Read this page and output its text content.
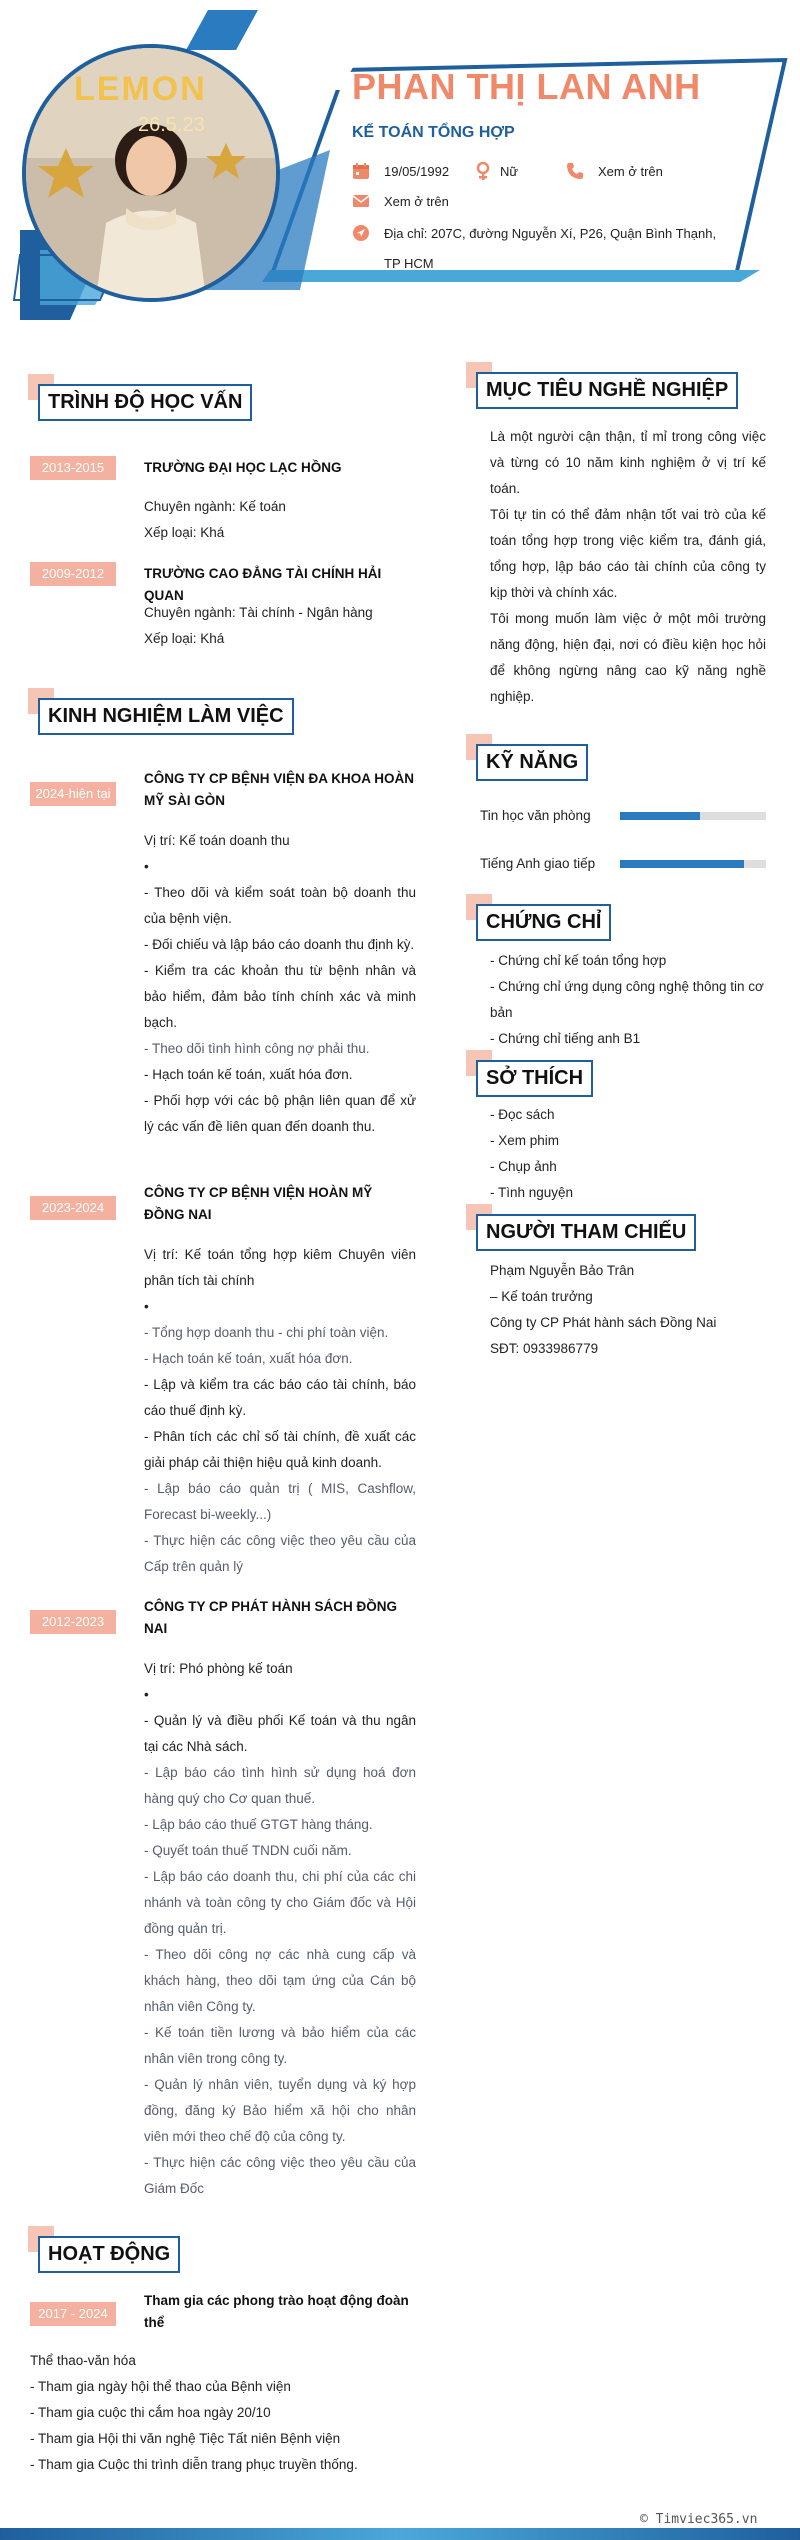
LEMON
26.5.23
PHAN THỊ LAN ANH
KẾ TOÁN TỔNG HỢP
19/05/1992	Nữ	Xem ở trên
Xem ở trên
Địa chỉ: 207C, đường Nguyễn Xí, P26, Quận Bình Thạnh,
TP HCM
TRÌNH ĐỘ HỌC VẤN
2013-2015	TRƯỜNG ĐẠI HỌC LẠC HỒNG
Chuyên ngành: Kế toán
Xếp loại: Khá
2009-2012	TRƯỜNG CAO ĐẲNG TÀI CHÍNH HẢI QUAN
Chuyên ngành: Tài chính - Ngân hàng
Xếp loại: Khá
KINH NGHIỆM LÀM VIỆC
2024-hiện tại
CÔNG TY CP BỆNH VIỆN ĐA KHOA HOÀN MỸ SÀI GÒN
Vị trí: Kế toán doanh thu
•
- Theo dõi và kiểm soát toàn bộ doanh thu của bệnh viện.
- Đối chiếu và lập báo cáo doanh thu định kỳ.
- Kiểm tra các khoản thu từ bệnh nhân và bảo hiểm, đảm bảo tính chính xác và minh bạch.
- Theo dõi tình hình công nợ phải thu.
- Hạch toán kế toán, xuất hóa đơn.
- Phối hợp với các bộ phận liên quan để xử lý các vấn đề liên quan đến doanh thu.
2023-2024
CÔNG TY CP BỆNH VIỆN HOÀN MỸ ĐỒNG NAI
Vị trí: Kế toán tổng hợp kiêm Chuyên viên phân tích tài chính
•
- Tổng hợp doanh thu - chi phí toàn viện.
- Hạch toán kế toán, xuất hóa đơn.
- Lập và kiểm tra các báo cáo tài chính, báo cáo thuế định kỳ.
- Phân tích các chỉ số tài chính, đề xuất các giải pháp cải thiện hiệu quả kinh doanh.
- Lập báo cáo quản trị ( MIS, Cashflow, Forecast bi-weekly...)
- Thực hiện các công việc theo yêu cầu của Cấp trên quản lý
2012-2023
CÔNG TY CP PHÁT HÀNH SÁCH ĐỒNG NAI
Vị trí: Phó phòng kế toán
•
- Quản lý và điều phối Kế toán và thu ngân tại các Nhà sách.
- Lập báo cáo tình hình sử dụng hoá đơn hàng quý cho Cơ quan thuế.
- Lập báo cáo thuế GTGT hàng tháng.
- Quyết toán thuế TNDN cuối năm.
- Lập báo cáo doanh thu, chi phí của các chi nhánh và toàn công ty cho Giám đốc và Hội đồng quản trị.
- Theo dõi công nợ các nhà cung cấp và khách hàng, theo dõi tạm ứng của Cán bộ nhân viên Công ty.
- Kế toán tiền lương và bảo hiểm của các nhân viên trong công ty.
- Quản lý nhân viên, tuyển dụng và ký hợp đồng, đăng ký Bảo hiểm xã hội cho nhân viên mới theo chế độ của công ty.
- Thực hiện các công việc theo yêu cầu của Giám Đốc
HOẠT ĐỘNG
2017 - 2024
Tham gia các phong trào hoạt động đoàn thể
Thể thao-văn hóa
- Tham gia ngày hội thể thao của Bệnh viện
- Tham gia cuộc thi cắm hoa ngày 20/10
- Tham gia Hội thi văn nghệ Tiệc Tất niên Bệnh viện
- Tham gia Cuộc thi trình diễn trang phục truyền thống.
MỤC TIÊU NGHỀ NGHIỆP
Là một người cận thận, tỉ mỉ trong công việc và từng có 10 năm kinh nghiệm ở vị trí kế toán.
Tôi tự tin có thể đảm nhận tốt vai trò của kế toán tổng hợp trong việc kiểm tra, đánh giá, tổng hợp, lập báo cáo tài chính của công ty kịp thời và chính xác.
Tôi mong muốn làm việc ở một môi trường năng động, hiện đại, nơi có điều kiện học hỏi để không ngừng nâng cao kỹ năng nghề nghiệp.
KỸ NĂNG
Tin học văn phòng
Tiếng Anh giao tiếp
CHỨNG CHỈ
- Chứng chỉ kế toán tổng hợp
- Chứng chỉ ứng dụng công nghệ thông tin cơ bản
- Chứng chỉ tiếng anh B1
SỞ THÍCH
- Đọc sách
- Xem phim
- Chụp ảnh
- Tình nguyện
NGƯỜI THAM CHIẾU
Phạm Nguyễn Bảo Trân
– Kế toán trưởng
Công ty CP Phát hành sách Đồng Nai
SĐT: 0933986779
© Timviec365.vn
